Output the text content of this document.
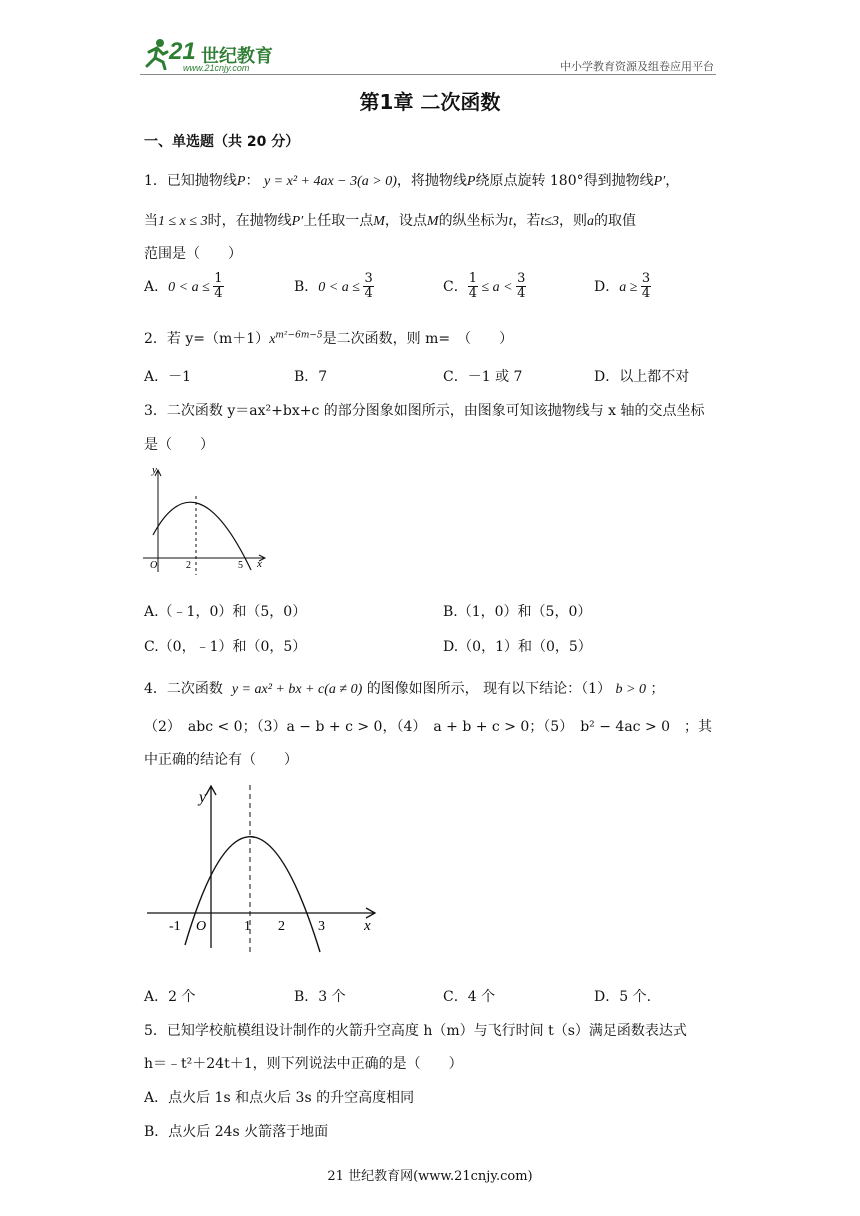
21 世纪教育
www.21cnjy.com	中小学教育资源及组卷应用平台
第1章 二次函数
一、单选题（共 20 分）
1．已知抛物线P： y = x² + 4ax − 3(a > 0)，将抛物线P绕原点旋转 180°得到抛物线P′，
当1 ≤ x ≤ 3时，在抛物线P′上任取一点M，设点M的纵坐标为t，若t≤3，则a的取值
范围是（　　）
A．$0 < a \le \frac{1}{4}$	B．$0 < a \le \frac{3}{4}$	C． $\frac{1}{4} \le a < \frac{3}{4}$	D．$a \ge \frac{3}{4}$
2．若 $y=(m+1)x^{m^2-6m-5}$是二次函数，则 m=　（　　）
A．－1	B．7	C．－1 或 7	D．以上都不对
3．二次函数 y＝ax²+bx+c 的部分图象如图所示，由图象可知该抛物线与 x 轴的交点坐标
是（　　）
y
x
O	2	5
A.（﹣1，0）和（5，0）	B.（1，0）和（5，0）
C.（0，﹣1）和（0，5）	D.（0，1）和（0，5）
4．二次函数 y = ax² + bx + c(a ≠ 0) 的图像如图所示， 现有以下结论：（1） b > 0 ；
（2）　abc < 0；（3）a − b + c > 0，（4）　a + b + c > 0；（5）　b² − 4ac > 0　；其
中正确的结论有（　　）
y
x
O
-1	1 2 3
A．2 个	B．3 个	C．4 个	D．5 个.
5．已知学校航模组设计制作的火箭升空高度 h（m）与飞行时间 t（s）满足函数表达式
h＝﹣t²＋24t＋1，则下列说法中正确的是（　　）
A．点火后 1s 和点火后 3s 的升空高度相同
B．点火后 24s 火箭落于地面
21 世纪教育网(www.21cnjy.com)
